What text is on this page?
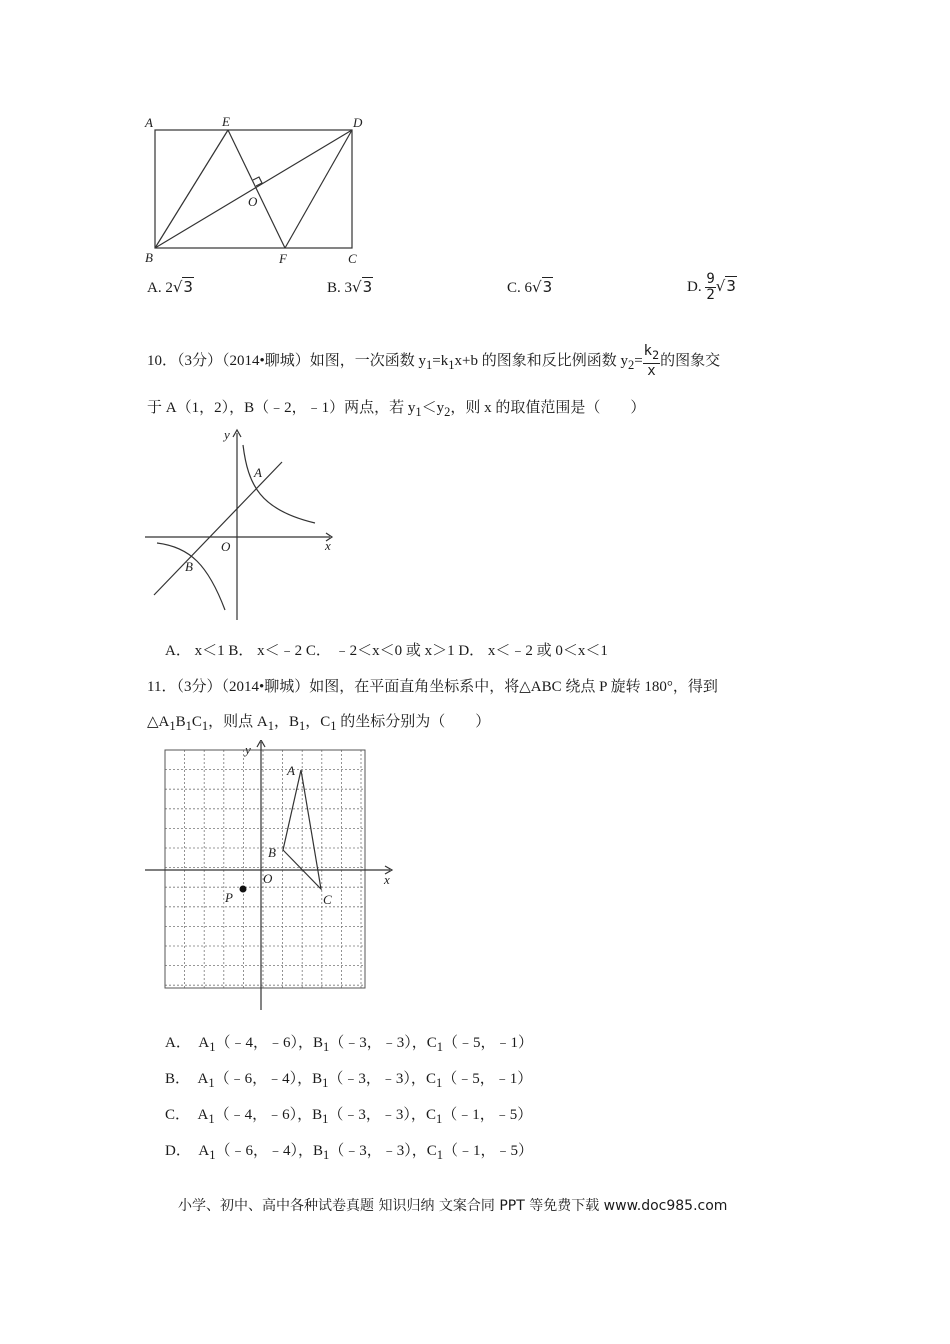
A	E	D
O
B	F	C
A. 2√3	B. 3√3	C. 6√3	D. $\frac{9}{2} √3$
10．（3分）（2014•聊城）如图，一次函数 $y_1=k_1x+b$ 的图象和反比例函数 $y_2= \frac{k_2}{x}$ 的图象交
于 A（1，2），B（﹣2，﹣1）两点，若 $y_1<y_2$，则 x 的取值范围是（　　）
y
x
O
A
B
A． x＜1 B． x＜﹣2 C． ﹣2＜x＜0 或 x＞1 D． x＜﹣2 或 0＜x＜1
11．（3分）（2014•聊城）如图，在平面直角坐标系中，将△ABC 绕点 P 旋转 180°，得到
$\triangle A_1B_1C_1$，则点 $A_1$，$B_1$，$C_1$ 的坐标分别为（　　）
y
x
O
A
B
C
P
A． $A_1(﹣4$，﹣6），$B_1(﹣3$，﹣3），$C_1(﹣5$，﹣1）
B． $A_1(﹣6$，﹣4），$B_1(﹣3$，﹣3），$C_1(﹣5$，﹣1）
C． $A_1(﹣4$，﹣6），$B_1(﹣3$，﹣3），$C_1(﹣1$，﹣5）
D． $A_1(﹣6$，﹣4），$B_1(﹣3$，﹣3），$C_1(﹣1$，﹣5）
小学、初中、高中各种试卷真题 知识归纳 文案合同 PPT 等免费下载 www.doc985.com
